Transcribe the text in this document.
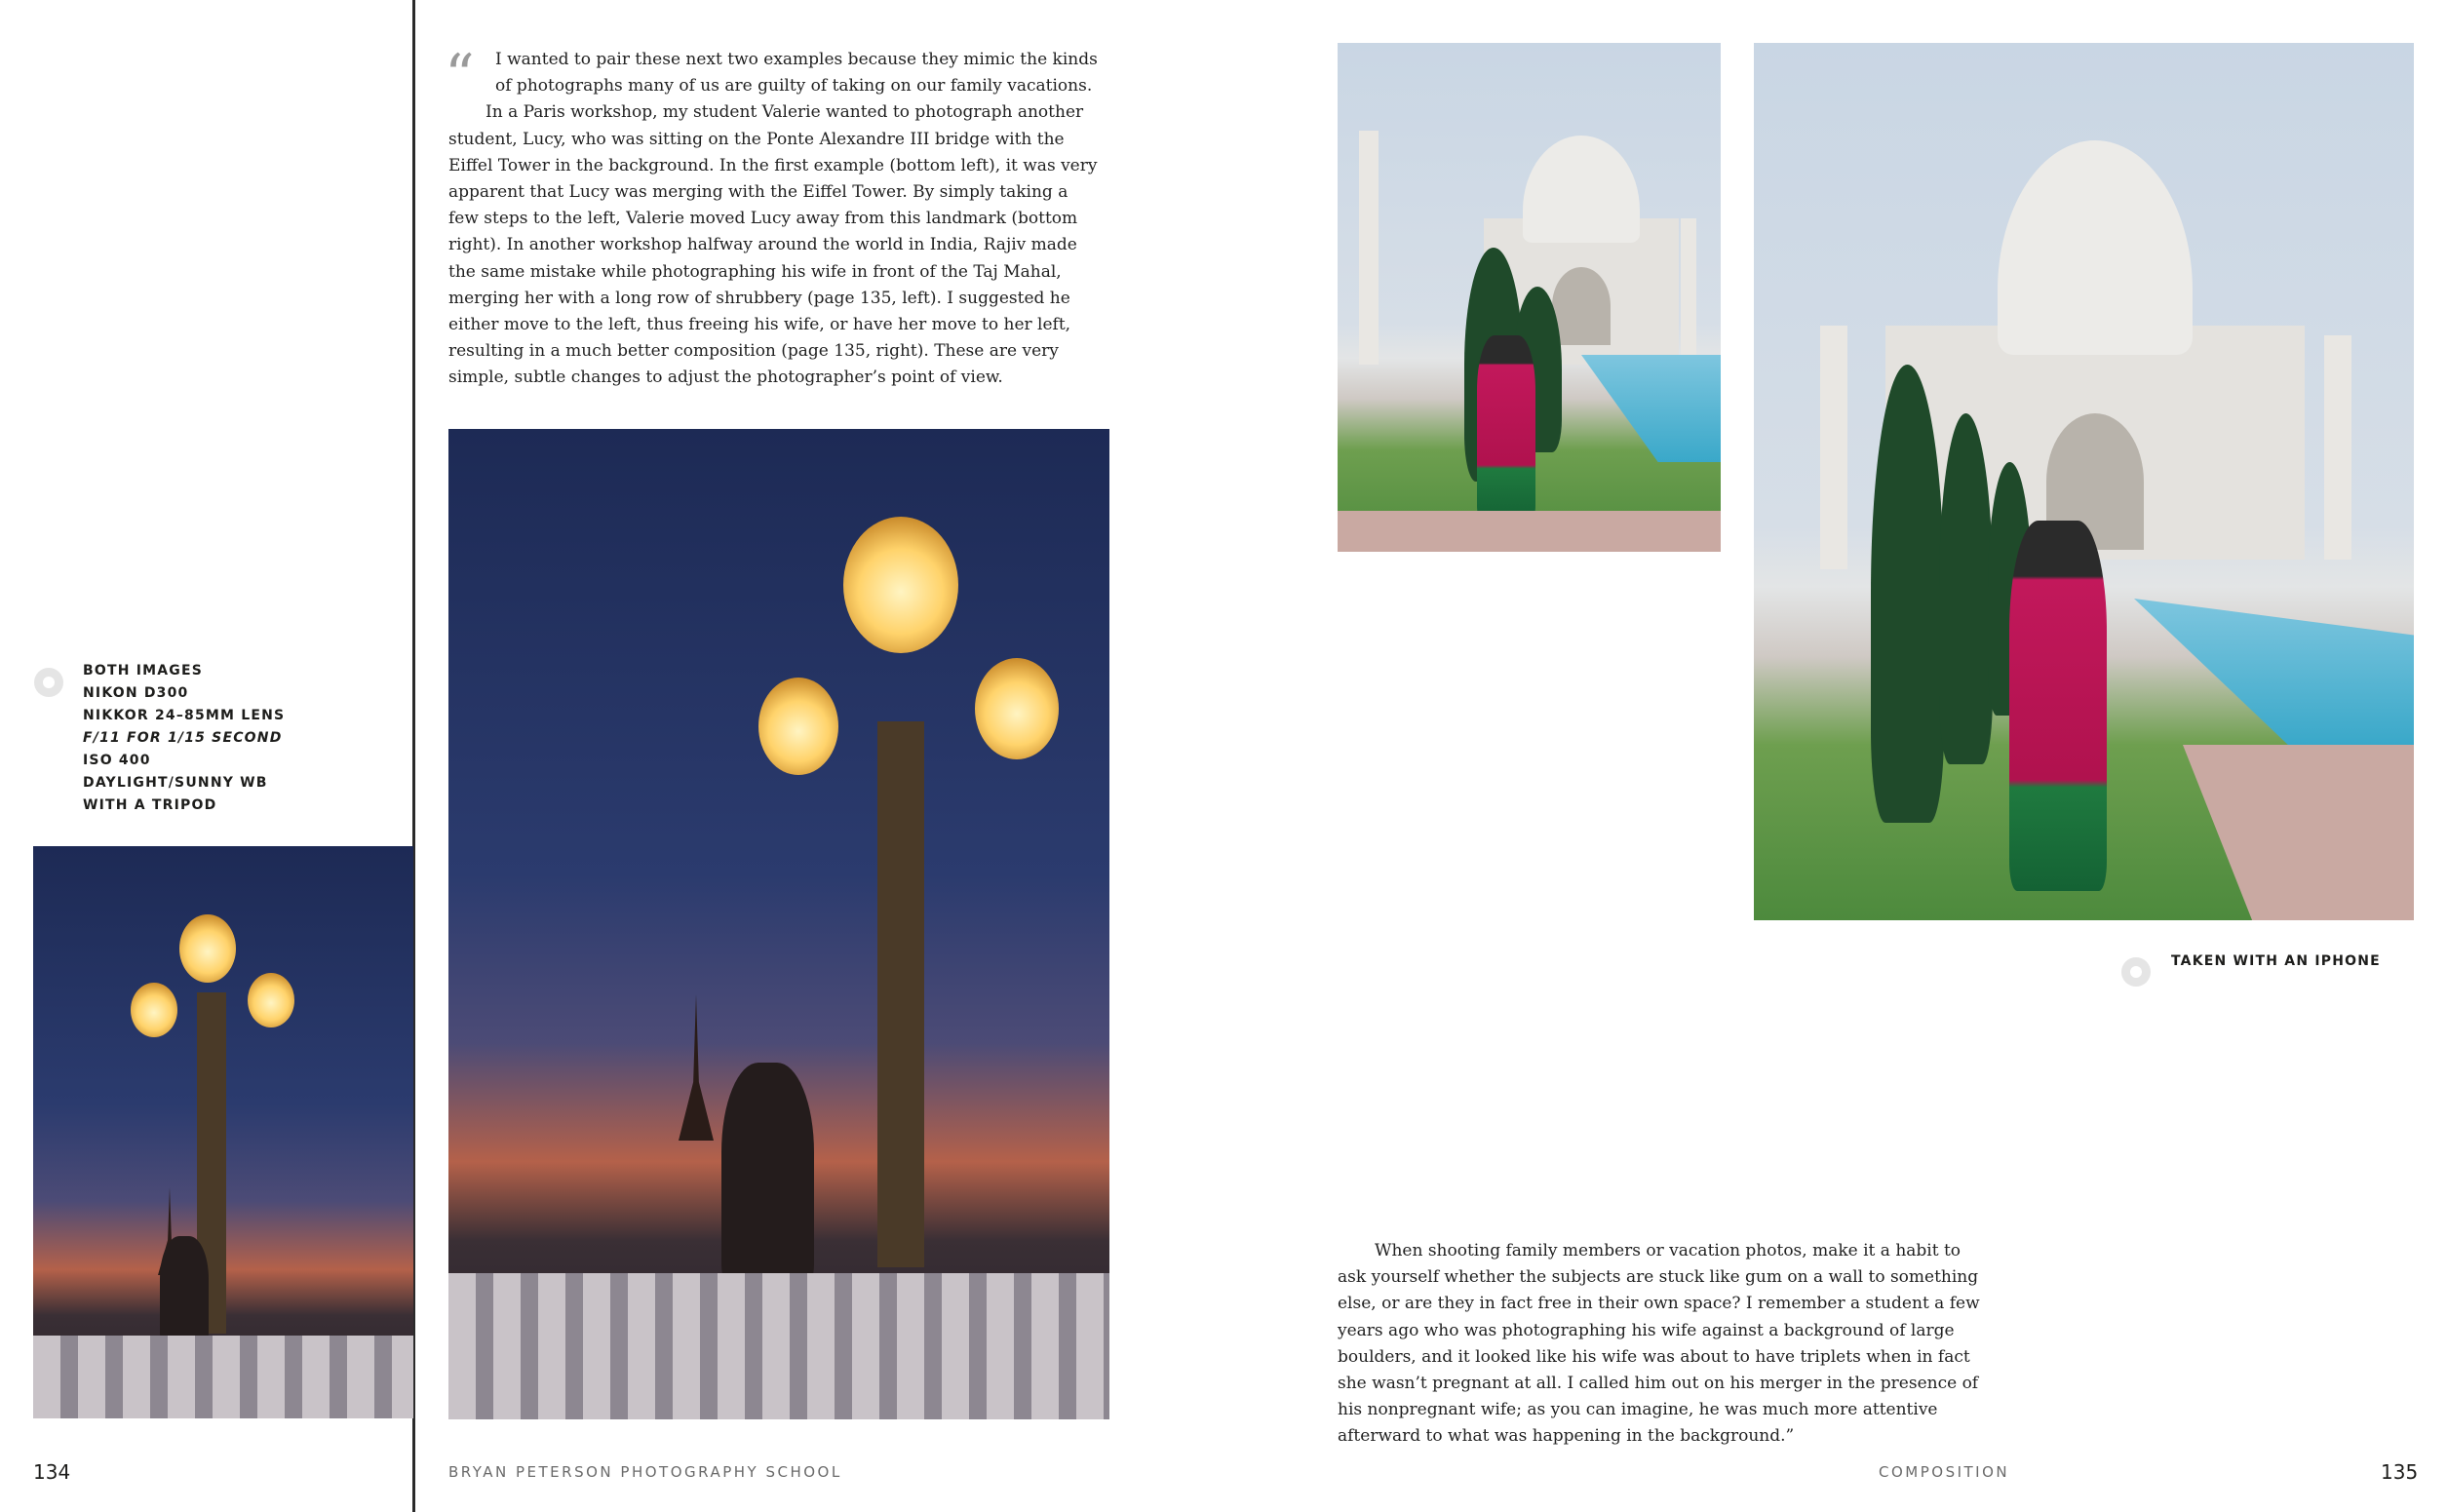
BOTH IMAGES
NIKON D300
NIKKOR 24–85MM LENS
F/11 FOR 1/15 SECOND
ISO 400
DAYLIGHT/SUNNY WB
WITH A TRIPOD
“	I wanted to pair these next two examples because they mimic the kinds of photographs many of us are guilty of taking on our family vacations.

In a Paris workshop, my student Valerie wanted to photograph another student, Lucy, who was sitting on the Ponte Alexandre III bridge with the Eiffel Tower in the background. In the first example (bottom left), it was very apparent that Lucy was merging with the Eiffel Tower. By simply taking a few steps to the left, Valerie moved Lucy away from this landmark (bottom right). In another workshop halfway around the world in India, Rajiv made the same mistake while photographing his wife in front of the Taj Mahal, merging her with a long row of shrubbery (page 135, left). I suggested he either move to the left, thus freeing his wife, or have her move to her left, resulting in a much better composition (page 135, right). These are very simple, subtle changes to adjust the photographer’s point of view.

134	BRYAN PETERSON PHOTOGRAPHY SCHOOL
TAKEN WITH AN IPHONE

When shooting family members or vacation photos, make it a habit to ask yourself whether the subjects are stuck like gum on a wall to something else, or are they in fact free in their own space? I remember a student a few years ago who was photographing his wife against a background of large boulders, and it looked like his wife was about to have triplets when in fact she wasn’t pregnant at all. I called him out on his merger in the presence of his nonpregnant wife; as you can imagine, he was much more attentive afterward to what was happening in the background.”

COMPOSITION	135
